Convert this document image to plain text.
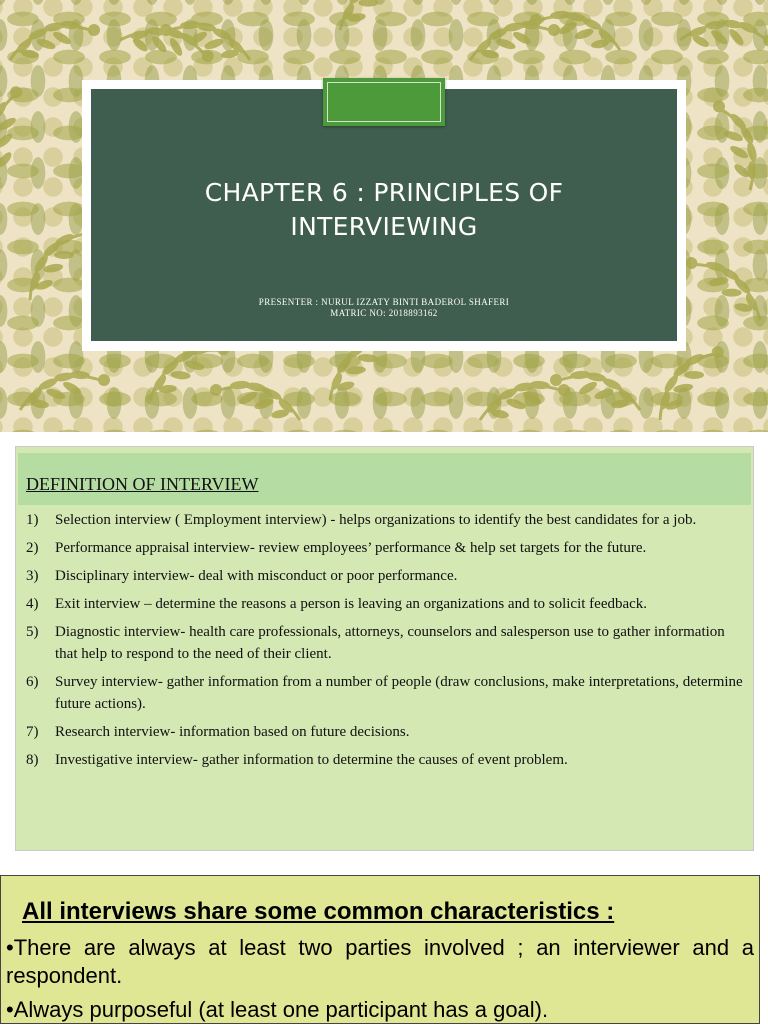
CHAPTER 6 : PRINCIPLES OF
INTERVIEWING
PRESENTER : NURUL IZZATY BINTI BADEROL SHAFERI
MATRIC NO: 2018893162
DEFINITION OF INTERVIEW
1)	Selection interview ( Employment interview) - helps organizations to identify the best candidates for a job.
2)	Performance appraisal interview- review employees’ performance & help set targets for the future.
3)	Disciplinary interview- deal with misconduct or poor performance.
4)	Exit interview – determine the reasons a person is leaving an organizations and to solicit feedback.
5)	Diagnostic interview- health care professionals, attorneys, counselors and salesperson use to gather information that help to respond to the need of their client.
6)	Survey interview- gather information from a number of people (draw conclusions, make interpretations, determine future actions).
7)	Research interview- information based on future decisions.
8)	Investigative interview- gather information to determine the causes of event problem.
All interviews share some common characteristics :
•There are always at least two parties involved ; an interviewer and a respondent.
•Always purposeful (at least one participant has a goal).
